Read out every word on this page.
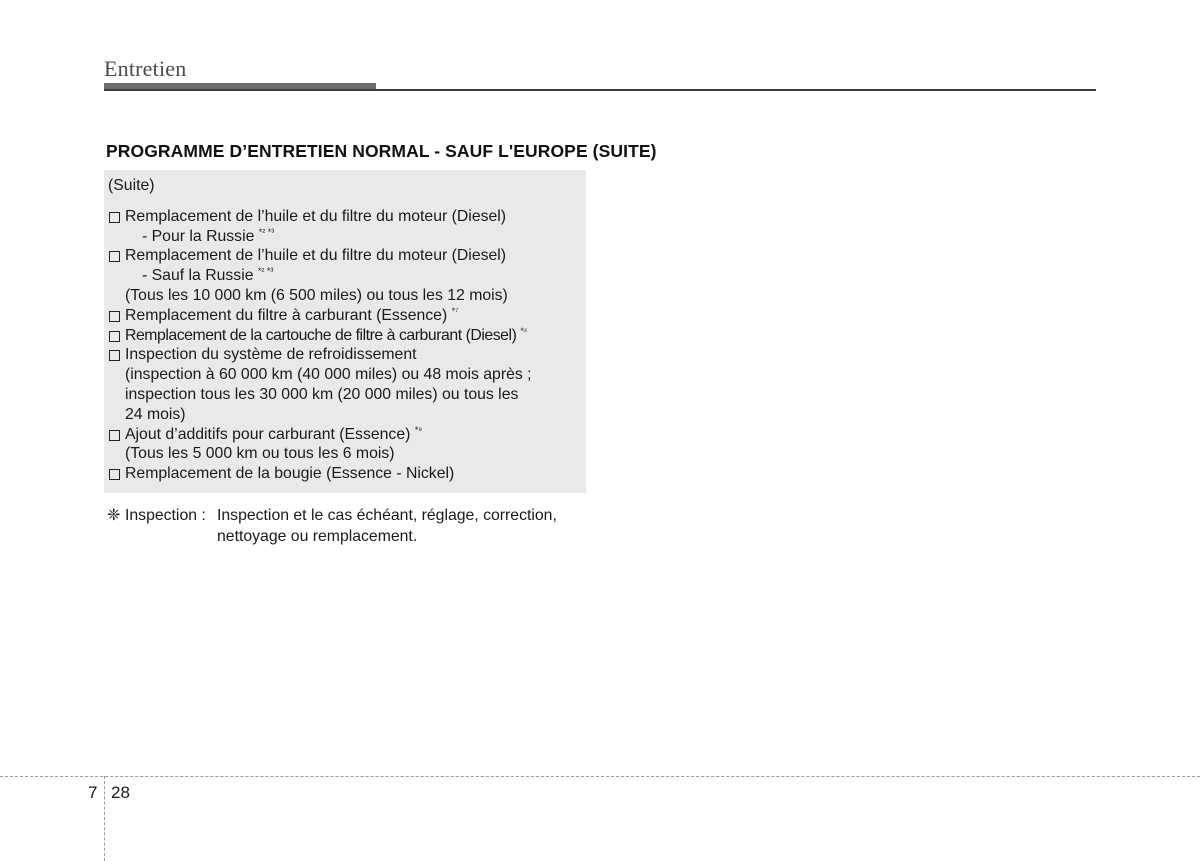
Entretien
PROGRAMME D’ENTRETIEN NORMAL - SAUF L'EUROPE (SUITE)
(Suite)
Remplacement de l’huile et du filtre du moteur (Diesel)
- Pour la Russie $^{*^2 *^3}$
Remplacement de l’huile et du filtre du moteur (Diesel)
- Sauf la Russie $^{*^2 *^3}$
(Tous les 10 000 km (6 500 miles) ou tous les 12 mois)
Remplacement du filtre à carburant (Essence) $^{*^7}$
Remplacement de la cartouche de filtre à carburant (Diesel) $^{*^4}$
Inspection du système de refroidissement
(inspection à 60 000 km (40 000 miles) ou 48 mois après ;
inspection tous les 30 000 km (20 000 miles) ou tous les
24 mois)
Ajout d’additifs pour carburant (Essence) $^{*^9}$
(Tous les 5 000 km ou tous les 6 mois)
Remplacement de la bougie (Essence - Nickel)
❈ Inspection : Inspection et le cas échéant, réglage, correction,
nettoyage ou remplacement.
7 28
